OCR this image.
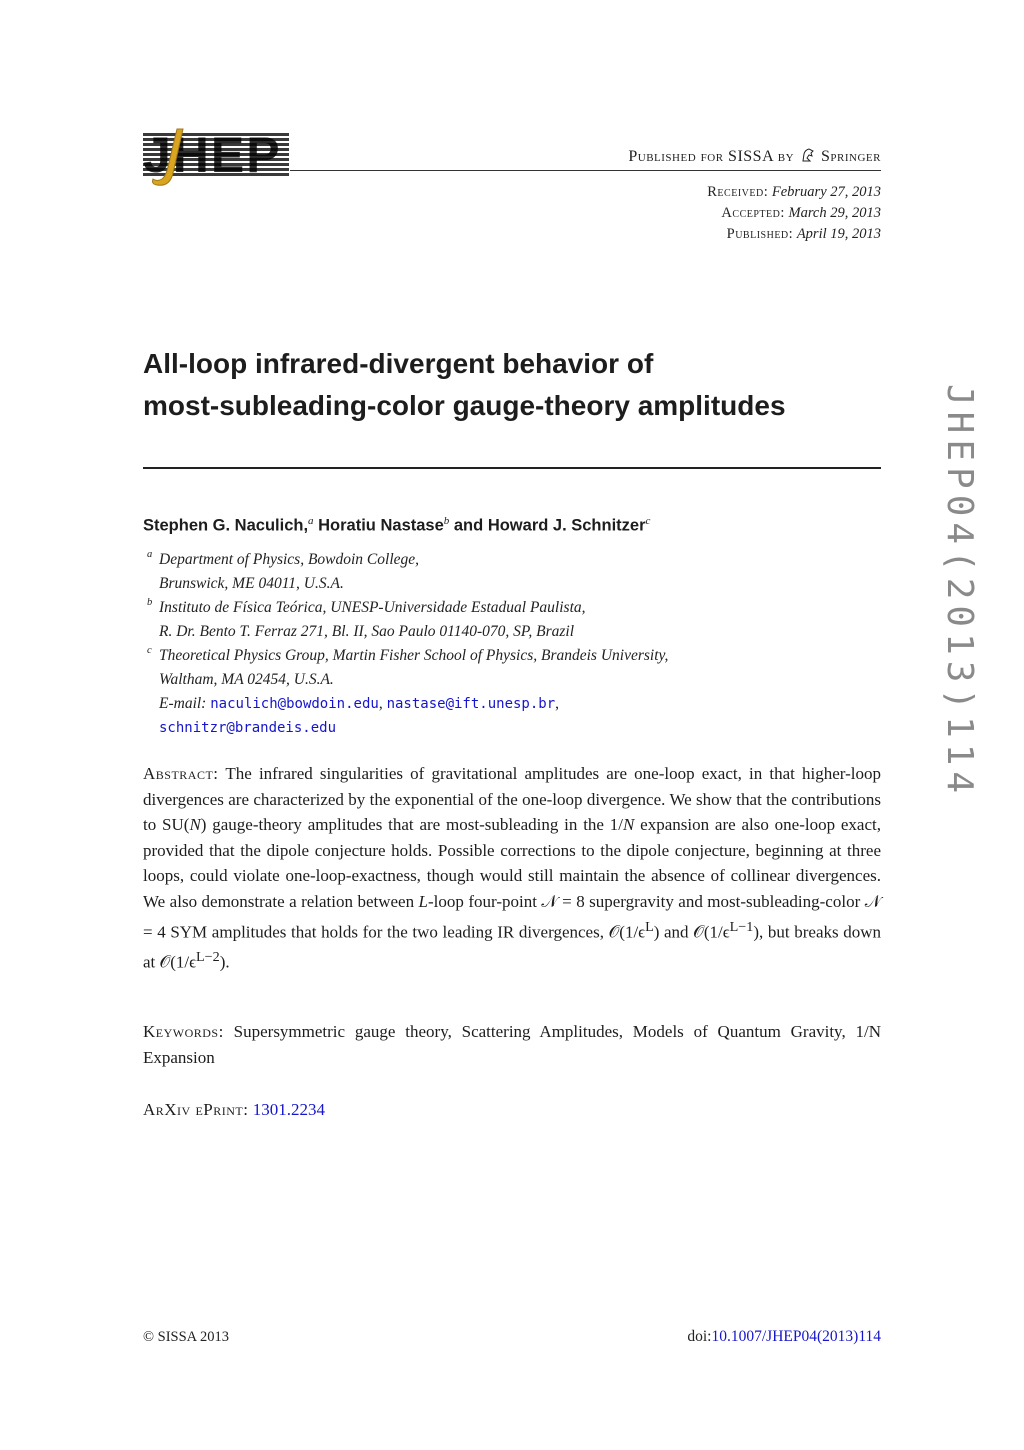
JHEP	Published for SISSA by Springer
Received: February 27, 2013
Accepted: March 29, 2013
Published: April 19, 2013
JHEP04(2013)114
All-loop infrared-divergent behavior of
most-subleading-color gauge-theory amplitudes
Stephen G. Naculich,$^a$ Horatiu Nastase$^b$ and Howard J. Schnitzer$^c$
a Department of Physics, Bowdoin College,
Brunswick, ME 04011, U.S.A.
b Instituto de Física Teórica, UNESP-Universidade Estadual Paulista,
R. Dr. Bento T. Ferraz 271, Bl. II, Sao Paulo 01140-070, SP, Brazil
c Theoretical Physics Group, Martin Fisher School of Physics, Brandeis University,
Waltham, MA 02454, U.S.A.
E-mail: naculich@bowdoin.edu, nastase@ift.unesp.br,
schnitzr@brandeis.edu
Abstract: The infrared singularities of gravitational amplitudes are one-loop exact, in that higher-loop divergences are characterized by the exponential of the one-loop divergence. We show that the contributions to SU(N) gauge-theory amplitudes that are most-subleading in the 1/N expansion are also one-loop exact, provided that the dipole conjecture holds. Possible corrections to the dipole conjecture, beginning at three loops, could violate one-loop-exactness, though would still maintain the absence of collinear divergences. We also demonstrate a relation between L-loop four-point 𝒩 = 8 supergravity and most-subleading-color 𝒩 = 4 SYM amplitudes that holds for the two leading IR divergences, $𝒪(1/\epsilon^L)$ and $𝒪(1/\epsilon^{L-1})$, but breaks down at $𝒪(1/\epsilon^{L-2})$.
Keywords: Supersymmetric gauge theory, Scattering Amplitudes, Models of Quantum Gravity, 1/N Expansion
ArXiv ePrint: 1301.2234
© SISSA 2013	doi:10.1007/JHEP04(2013)114
